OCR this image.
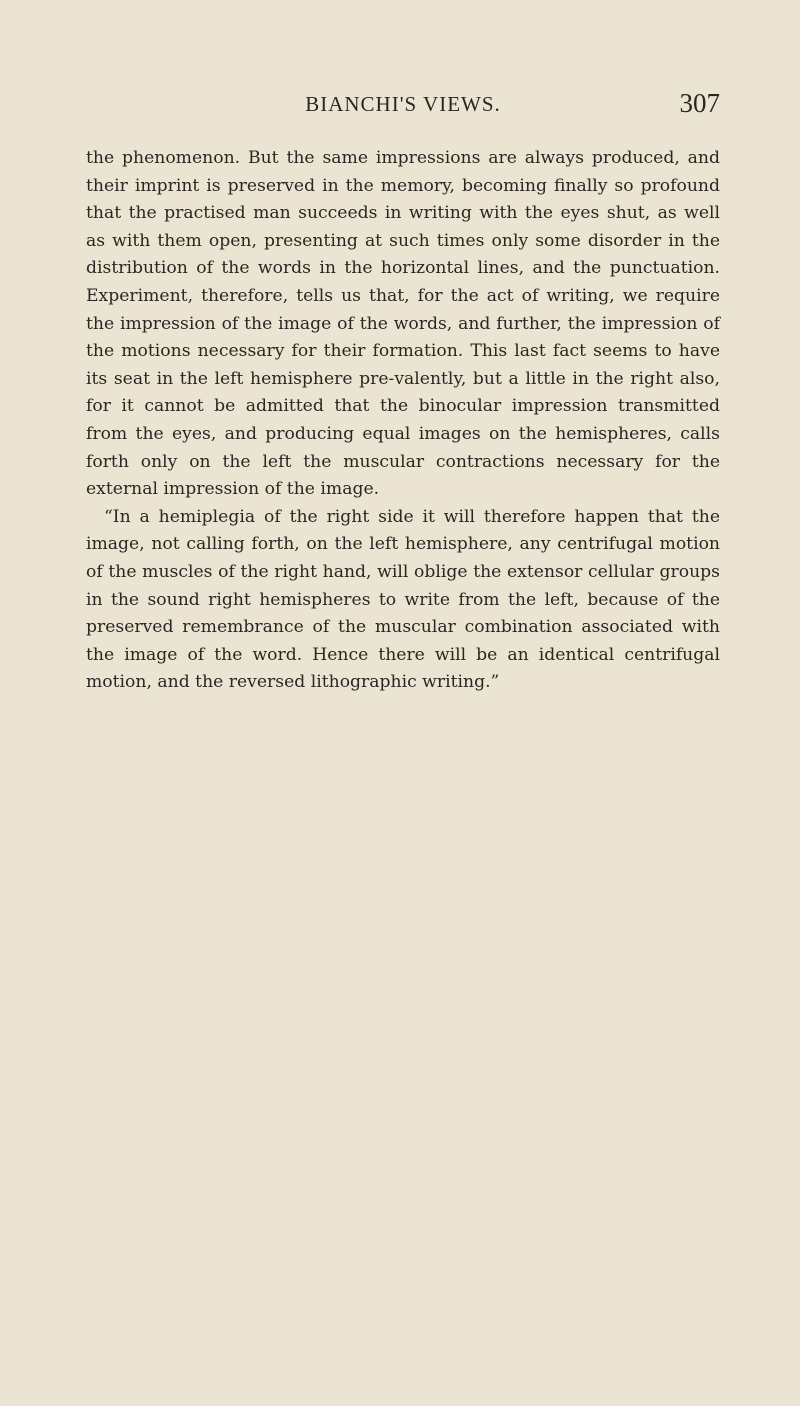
BIANCHI'S VIEWS.	307

the phenomenon. But the same impressions are always produced, and their imprint is preserved in the memory, becoming finally so profound that the practised man succeeds in writing with the eyes shut, as well as with them open, presenting at such times only some disorder in the distribution of the words in the horizontal lines, and the punctuation. Experiment, therefore, tells us that, for the act of writing, we require the impression of the image of the words, and further, the impression of the motions necessary for their formation. This last fact seems to have its seat in the left hemisphere pre-valently, but a little in the right also, for it cannot be admitted that the binocular impression transmitted from the eyes, and producing equal images on the hemispheres, calls forth only on the left the muscular contractions necessary for the external impression of the image.

“In a hemiplegia of the right side it will therefore happen that the image, not calling forth, on the left hemisphere, any centrifugal motion of the muscles of the right hand, will oblige the extensor cellular groups in the sound right hemispheres to write from the left, because of the preserved remembrance of the muscular combination associated with the image of the word. Hence there will be an identical centrifugal motion, and the reversed lithographic writing.”
